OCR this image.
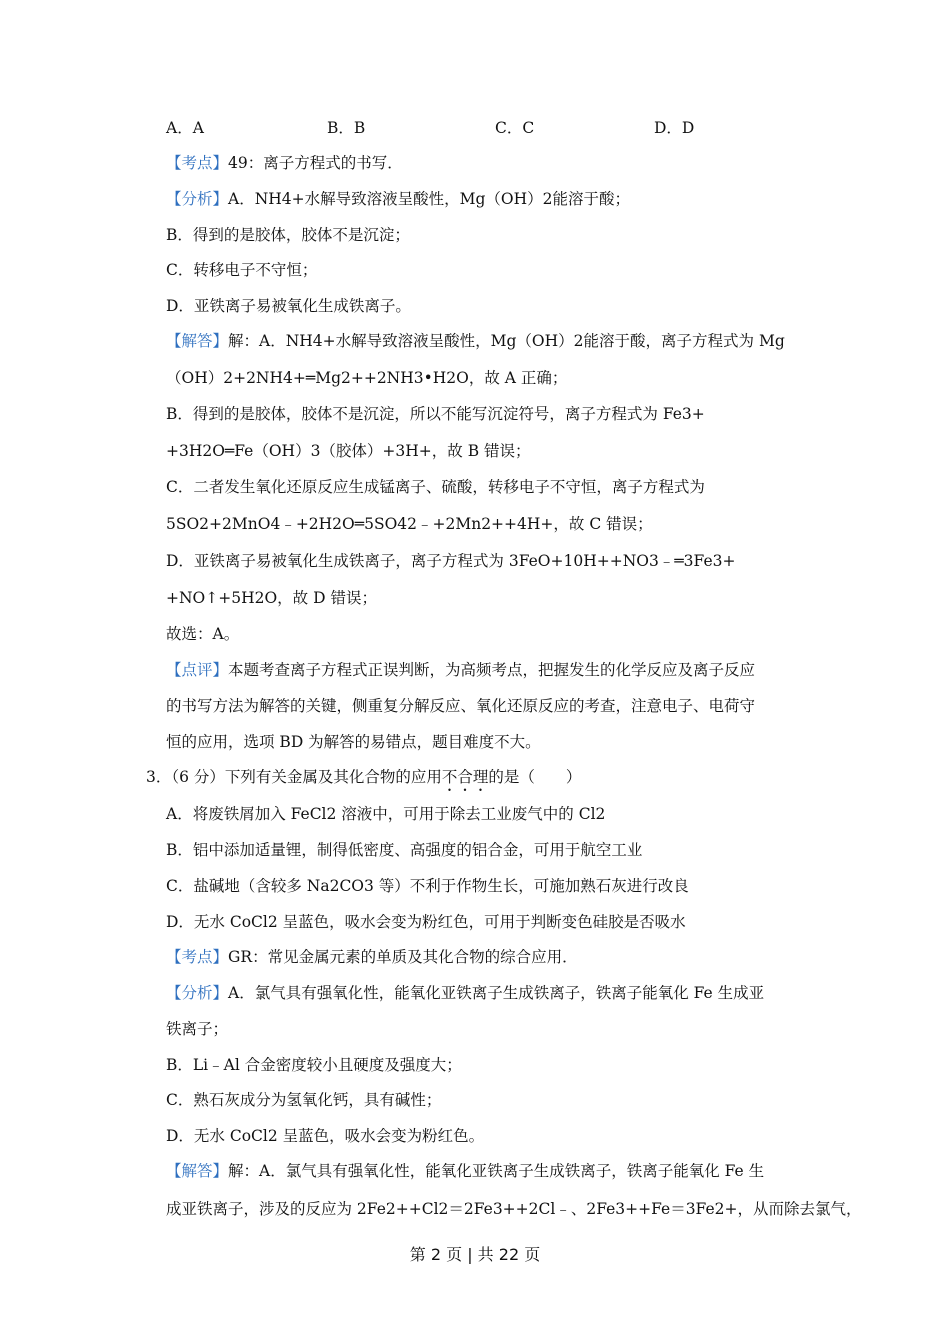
A．A	B．B	C．C	D．D
【考点】49：离子方程式的书写．
【分析】A．NH4+水解导致溶液呈酸性，Mg（OH）2能溶于酸；
B．得到的是胶体，胶体不是沉淀；
C．转移电子不守恒；
D．亚铁离子易被氧化生成铁离子。
【解答】解：A．NH4+水解导致溶液呈酸性，Mg（OH）2能溶于酸，离子方程式为 Mg
（OH）2+2NH4+═Mg2++2NH3•H2O，故 A 正确；
B．得到的是胶体，胶体不是沉淀，所以不能写沉淀符号，离子方程式为 Fe3+
+3H2O═Fe（OH）3（胶体）+3H+，故 B 错误；
C．二者发生氧化还原反应生成锰离子、硫酸，转移电子不守恒，离子方程式为
5SO2+2MnO4﹣+2H2O═5SO42﹣+2Mn2++4H+，故 C 错误；
D．亚铁离子易被氧化生成铁离子，离子方程式为 3FeO+10H++NO3﹣═3Fe3+
+NO↑+5H2O，故 D 错误；
故选：A。
【点评】本题考查离子方程式正误判断，为高频考点，把握发生的化学反应及离子反应
的书写方法为解答的关键，侧重复分解反应、氧化还原反应的考查，注意电子、电荷守
恒的应用，选项 BD 为解答的易错点，题目难度不大。
3．（6 分）下列有关金属及其化合物的应用不合理的是（　　）
A．将废铁屑加入 FeCl2 溶液中，可用于除去工业废气中的 Cl2
B．铝中添加适量锂，制得低密度、高强度的铝合金，可用于航空工业
C．盐碱地（含较多 Na2CO3 等）不利于作物生长，可施加熟石灰进行改良
D．无水 CoCl2 呈蓝色，吸水会变为粉红色，可用于判断变色硅胶是否吸水
【考点】GR：常见金属元素的单质及其化合物的综合应用．
【分析】A．氯气具有强氧化性，能氧化亚铁离子生成铁离子，铁离子能氧化 Fe 生成亚
铁离子；
B．Li﹣Al 合金密度较小且硬度及强度大；
C．熟石灰成分为氢氧化钙，具有碱性；
D．无水 CoCl2 呈蓝色，吸水会变为粉红色。
【解答】解：A．氯气具有强氧化性，能氧化亚铁离子生成铁离子，铁离子能氧化 Fe 生
成亚铁离子，涉及的反应为 2Fe2++Cl2＝2Fe3++2Cl﹣、2Fe3++Fe＝3Fe2+，从而除去氯气，
第 2 页 | 共 22 页
